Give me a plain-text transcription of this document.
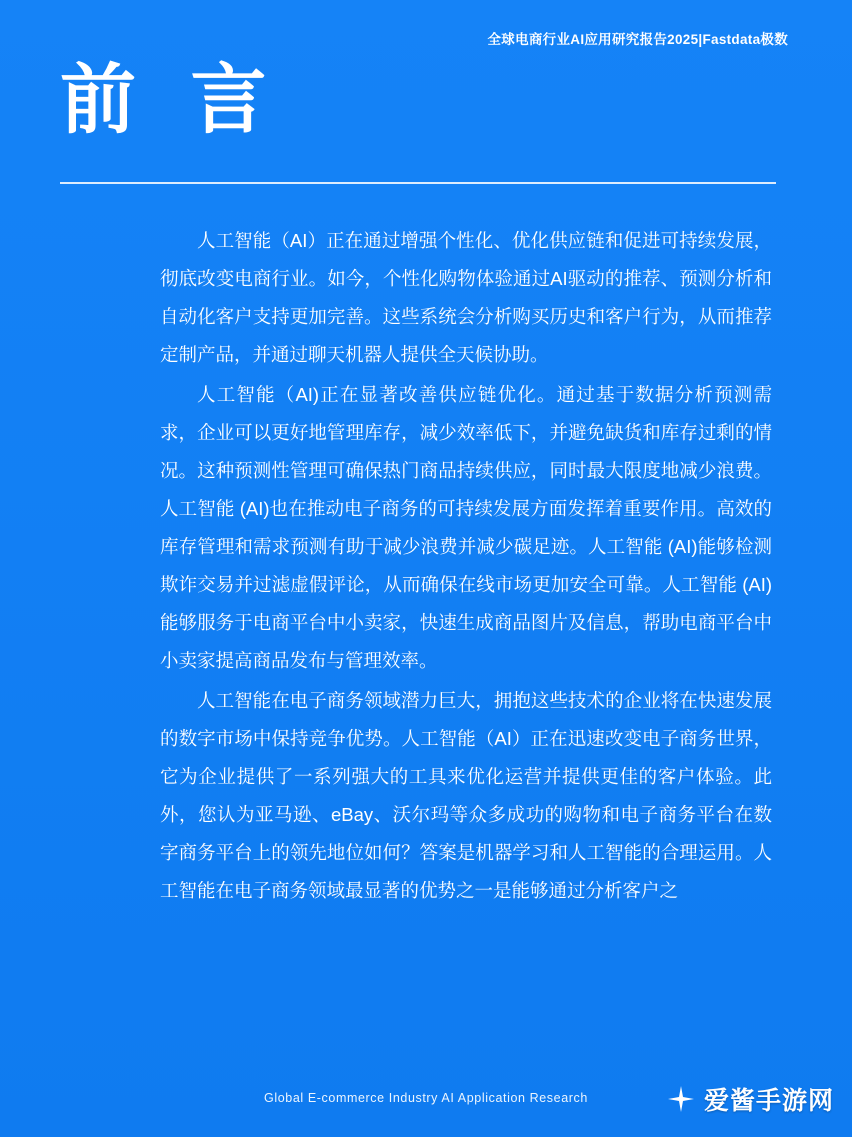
全球电商行业AI应用研究报告2025|Fastdata极数
前 言

人工智能（AI）正在通过增强个性化、优化供应链和促进可持续发展，彻底改变电商行业。如今，个性化购物体验通过AI驱动的推荐、预测分析和自动化客户支持更加完善。这些系统会分析购买历史和客户行为，从而推荐定制产品，并通过聊天机器人提供全天候协助。

人工智能（AI)正在显著改善供应链优化。通过基于数据分析预测需求，企业可以更好地管理库存，减少效率低下，并避免缺货和库存过剩的情况。这种预测性管理可确保热门商品持续供应，同时最大限度地减少浪费。人工智能 (AI)也在推动电子商务的可持续发展方面发挥着重要作用。高效的库存管理和需求预测有助于减少浪费并减少碳足迹。人工智能 (AI)能够检测欺诈交易并过滤虚假评论，从而确保在线市场更加安全可靠。人工智能 (AI)能够服务于电商平台中小卖家，快速生成商品图片及信息，帮助电商平台中小卖家提高商品发布与管理效率。

人工智能在电子商务领域潜力巨大，拥抱这些技术的企业将在快速发展的数字市场中保持竞争优势。人工智能（AI）正在迅速改变电子商务世界，它为企业提供了一系列强大的工具来优化运营并提供更佳的客户体验。此外，您认为亚马逊、eBay、沃尔玛等众多成功的购物和电子商务平台在数字商务平台上的领先地位如何？答案是机器学习和人工智能的合理运用。人工智能在电子商务领域最显著的优势之一是能够通过分析客户之

Global E-commerce Industry AI Application Research	爱酱手游网
